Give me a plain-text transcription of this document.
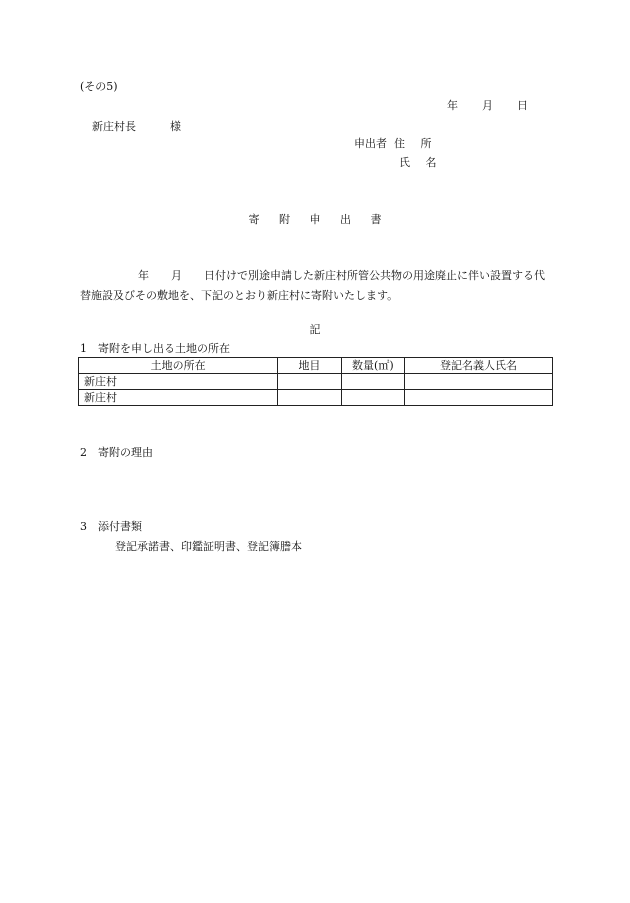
(その5)
年 月 日
新庄村長	様
申出者 住 所
氏 名
寄 附 申 出 書
年 月 日付けで別途申請した新庄村所管公共物の用途廃止に伴い設置する代替施設及びその敷地を、下記のとおり新庄村に寄附いたします。
記
1 寄附を申し出る土地の所在
土地の所在	地目	数量(㎡)	登記名義人氏名
新庄村			
新庄村			
2 寄附の理由
3 添付書類
登記承諾書、印鑑証明書、登記簿謄本
